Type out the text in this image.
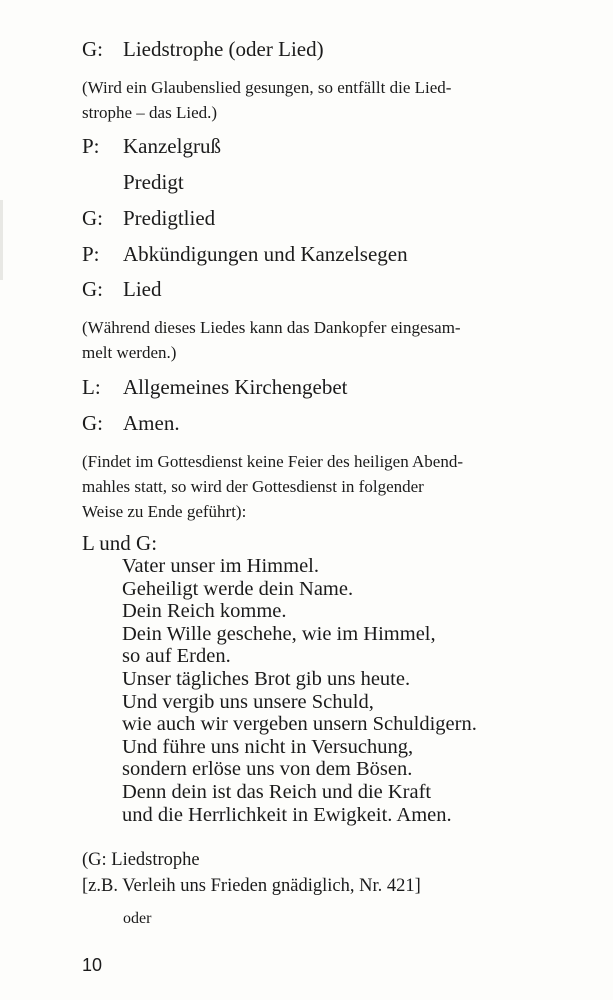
G: Liedstrophe (oder Lied)
(Wird ein Glaubenslied gesungen, so entfällt die Lied-
strophe – das Lied.)
P: Kanzelgruß
Predigt
G: Predigtlied
P: Abkündigungen und Kanzelsegen
G: Lied
(Während dieses Liedes kann das Dankopfer eingesam-
melt werden.)
L: Allgemeines Kirchengebet
G: Amen.
(Findet im Gottesdienst keine Feier des heiligen Abend-
mahles statt, so wird der Gottesdienst in folgender
Weise zu Ende geführt):
L und G:
Vater unser im Himmel.
Geheiligt werde dein Name.
Dein Reich komme.
Dein Wille geschehe, wie im Himmel,
so auf Erden.
Unser tägliches Brot gib uns heute.
Und vergib uns unsere Schuld,
wie auch wir vergeben unsern Schuldigern.
Und führe uns nicht in Versuchung,
sondern erlöse uns von dem Bösen.
Denn dein ist das Reich und die Kraft
und die Herrlichkeit in Ewigkeit. Amen.
(G: Liedstrophe
[z.B. Verleih uns Frieden gnädiglich, Nr. 421]
oder
10
